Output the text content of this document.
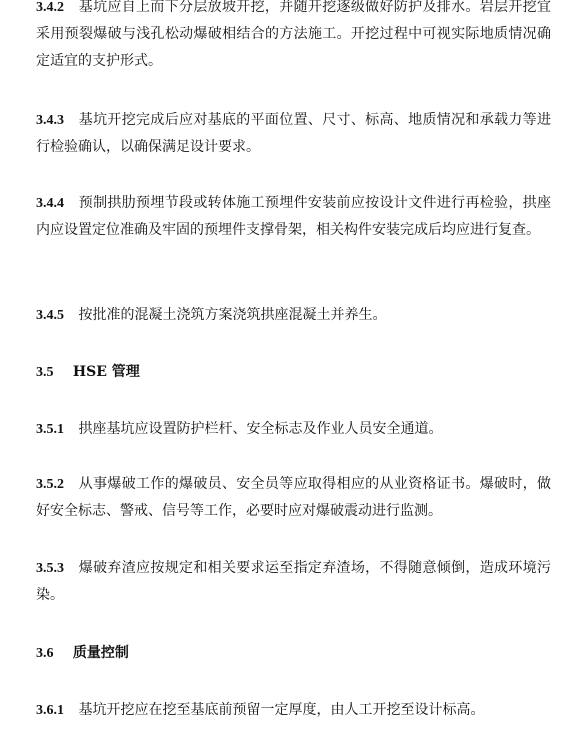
3.4.2 基坑应自上而下分层放坡开挖，并随开挖逐级做好防护及排水。岩层开挖宜采用预裂爆破与浅孔松动爆破相结合的方法施工。开挖过程中可视实际地质情况确定适宜的支护形式。

3.4.3 基坑开挖完成后应对基底的平面位置、尺寸、标高、地质情况和承载力等进行检验确认，以确保满足设计要求。

3.4.4 预制拱肋预埋节段或转体施工预埋件安装前应按设计文件进行再检验，拱座内应设置定位准确及牢固的预埋件支撑骨架，相关构件安装完成后均应进行复查。

3.4.5 按批准的混凝土浇筑方案浇筑拱座混凝土并养生。

3.5 HSE 管理

3.5.1 拱座基坑应设置防护栏杆、安全标志及作业人员安全通道。

3.5.2 从事爆破工作的爆破员、安全员等应取得相应的从业资格证书。爆破时，做好安全标志、警戒、信号等工作，必要时应对爆破震动进行监测。

3.5.3 爆破弃渣应按规定和相关要求运至指定弃渣场，不得随意倾倒，造成环境污染。

3.6 质量控制

3.6.1 基坑开挖应在挖至基底前预留一定厚度，由人工开挖至设计标高。
